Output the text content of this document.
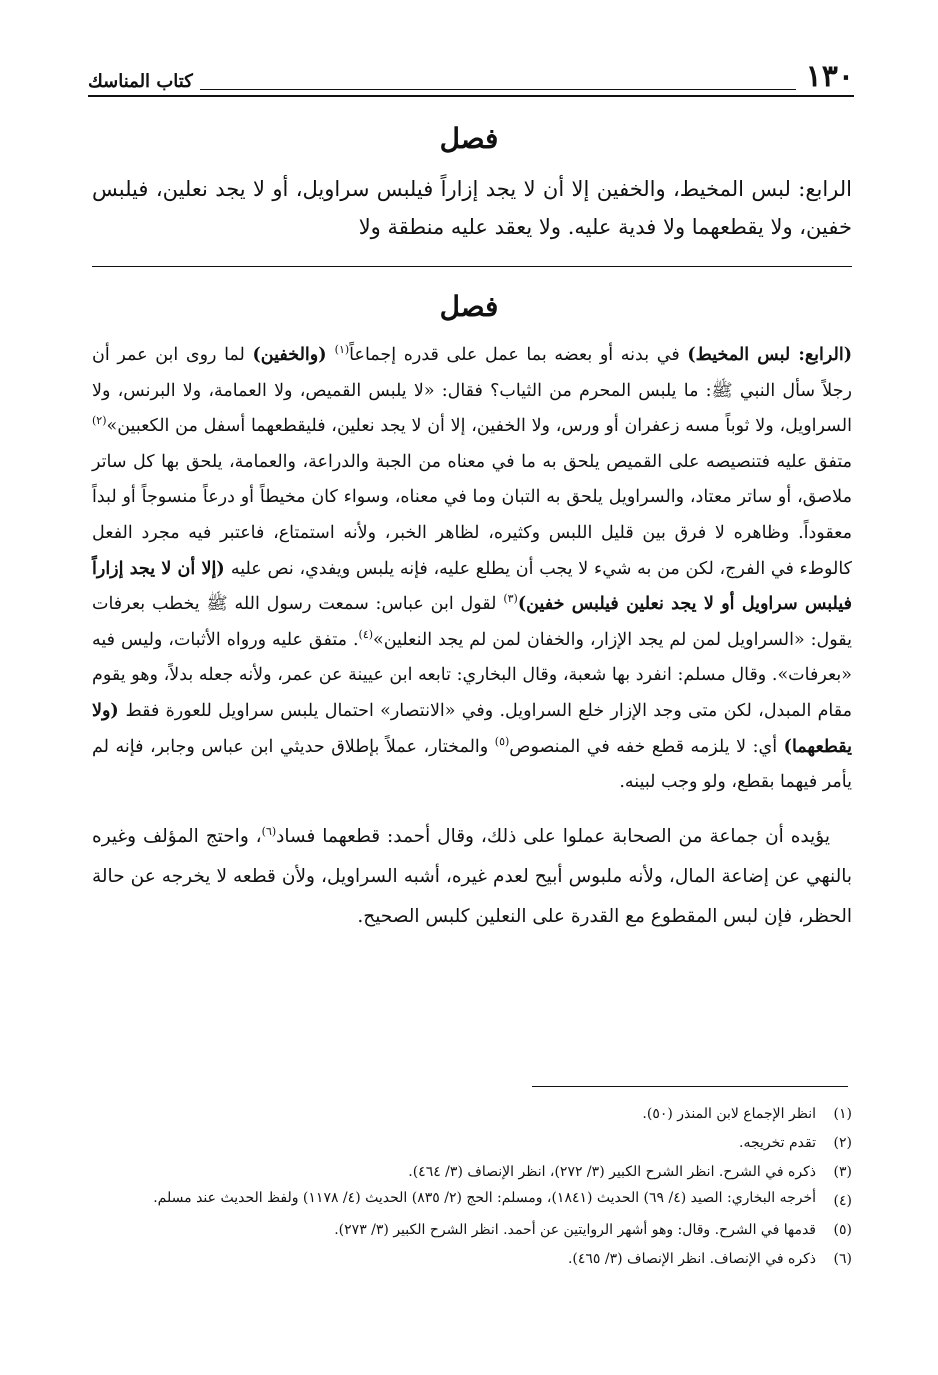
١٣٠
كتاب المناسك
فصل
الرابع: لبس المخيط، والخفين إلا أن لا يجد إزاراً فيلبس سراويل، أو لا يجد نعلين، فيلبس خفين، ولا يقطعهما ولا فدية عليه. ولا يعقد عليه منطقة ولا
فصل

(الرابع: لبس المخيط) في بدنه أو بعضه بما عمل على قدره إجماعاً$^{(١)}$ (والخفين) لما روى ابن عمر أن رجلاً سأل النبي ﷺ: ما يلبس المحرم من الثياب؟ فقال: «لا يلبس القميص، ولا العمامة، ولا البرنس، ولا السراويل، ولا ثوباً مسه زعفران أو ورس، ولا الخفين، إلا أن لا يجد نعلين، فليقطعهما أسفل من الكعبين»$^{(٢)}$ متفق عليه فتنصيصه على القميص يلحق به ما في معناه من الجبة والدراعة، والعمامة، يلحق بها كل ساتر ملاصق، أو ساتر معتاد، والسراويل يلحق به التبان وما في معناه، وسواء كان مخيطاً أو درعاً منسوجاً أو لبداً معقوداً. وظاهره لا فرق بين قليل اللبس وكثيره، لظاهر الخبر، ولأنه استمتاع، فاعتبر فيه مجرد الفعل كالوطء في الفرج، لكن من به شيء لا يجب أن يطلع عليه، فإنه يلبس ويفدي، نص عليه (إلا أن لا يجد إزاراً فيلبس سراويل أو لا يجد نعلين فيلبس خفين)$^{(٣)}$ لقول ابن عباس: سمعت رسول الله ﷺ يخطب بعرفات يقول: «السراويل لمن لم يجد الإزار، والخفان لمن لم يجد النعلين»$^{(٤)}$. متفق عليه ورواه الأثبات، وليس فيه «بعرفات». وقال مسلم: انفرد بها شعبة، وقال البخاري: تابعه ابن عيينة عن عمر، ولأنه جعله بدلاً، وهو يقوم مقام المبدل، لكن متى وجد الإزار خلع السراويل. وفي «الانتصار» احتمال يلبس سراويل للعورة فقط (ولا يقطعهما) أي: لا يلزمه قطع خفه في المنصوص$^{(٥)}$ والمختار، عملاً بإطلاق حديثي ابن عباس وجابر، فإنه لم يأمر فيهما بقطع، ولو وجب لبينه.

يؤيده أن جماعة من الصحابة عملوا على ذلك، وقال أحمد: قطعهما فساد$^{(٦)}$، واحتج المؤلف وغيره بالنهي عن إضاعة المال، ولأنه ملبوس أبيح لعدم غيره، أشبه السراويل، ولأن قطعه لا يخرجه عن حالة الحظر، فإن لبس المقطوع مع القدرة على النعلين كلبس الصحيح.

(١)
انظر الإجماع لابن المنذر (٥٠).
(٢)
تقدم تخريجه.
(٣)
ذكره في الشرح. انظر الشرح الكبير (٣/ ٢٧٢)، انظر الإنصاف (٣/ ٤٦٤).
(٤)
أخرجه البخاري: الصيد (٤/ ٦٩) الحديث (١٨٤١)، ومسلم: الحج (٢/ ٨٣٥) الحديث (٤/ ١١٧٨) ولفظ الحديث عند مسلم.
(٥)
قدمها في الشرح. وقال: وهو أشهر الروايتين عن أحمد. انظر الشرح الكبير (٣/ ٢٧٣).
(٦)
ذكره في الإنصاف. انظر الإنصاف (٣/ ٤٦٥).
